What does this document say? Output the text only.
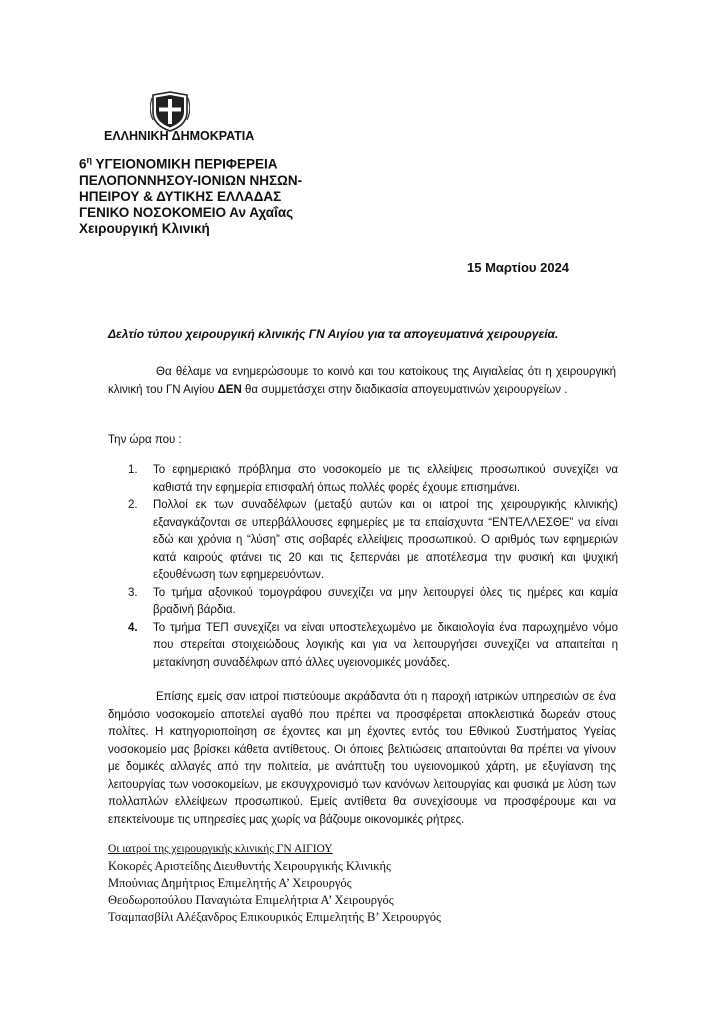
ΕΛΛΗΝΙΚΗ ΔΗΜΟΚΡΑΤΙΑ
$6^\eta$ ΥΓΕΙΟΝΟΜΙΚΗ ΠΕΡΙΦΕΡΕΙΑ
ΠΕΛΟΠΟΝΝΗΣΟΥ-ΙΟΝΙΩΝ ΝΗΣΩΝ-
ΗΠΕΙΡΟΥ & ΔΥΤΙΚΗΣ ΕΛΛΑΔΑΣ
ΓΕΝΙΚΟ ΝΟΣΟΚΟΜΕΙΟ Αν Αχαΐας
Χειρουργική Κλινική
15 Μαρτίου 2024
Δελτίο τύπου χειρουργική κλινικής ΓΝ Αιγίου για τα απογευματινά χειρουργεία.

Θα θέλαμε να ενημερώσουμε το κοινό και του κατοίκους της Αιγιαλείας ότι η χειρουργική κλινική του ΓΝ Αιγίου ΔΕΝ θα συμμετάσχει στην διαδικασία απογευματινών χειρουργείων .

Την ώρα που :

1. Το εφημεριακό πρόβλημα στο νοσοκομείο με τις ελλείψεις προσωπικού συνεχίζει να καθιστά την εφημερία επισφαλή όπως πολλές φορές έχουμε επισημάνει.
2. Πολλοί εκ των συναδέλφων (μεταξύ αυτών και οι ιατροί της χειρουργικής κλινικής) εξαναγκάζονται σε υπερβάλλουσες εφημερίες με τα επαίσχυντα “ΕΝΤΕΛΛΕΣΘΕ” να είναι εδώ και χρόνια η “λύση” στις σοβαρές ελλείψεις προσωπικού. Ο αριθμός των εφημεριών κατά καιρούς φτάνει τις 20 και τις ξεπερνάει με αποτέλεσμα την φυσική και ψυχική εξουθένωση των εφημερευόντων.
3. Το τμήμα αξονικού τομογράφου συνεχίζει να μην λειτουργεί όλες τις ημέρες και καμία βραδινή βάρδια.
4. Το τμήμα ΤΕΠ συνεχίζει να είναι υποστελεχωμένο με δικαιολογία ένα παρωχημένο νόμο που στερείται στοιχειώδους λογικής και για να λειτουργήσει συνεχίζει να απαιτείται η μετακίνηση συναδέλφων από άλλες υγειονομικές μονάδες.

Επίσης εμείς σαν ιατροί πιστεύουμε ακράδαντα ότι η παροχή ιατρικών υπηρεσιών σε ένα δημόσιο νοσοκομείο αποτελεί αγαθό που πρέπει να προσφέρεται αποκλειστικά δωρεάν στους πολίτες. Η κατηγοριοποίηση σε έχοντες και μη έχοντες εντός του Εθνικού Συστήματος Υγείας νοσοκομείο μας βρίσκει κάθετα αντίθετους. Οι όποιες βελτιώσεις απαιτούνται θα πρέπει να γίνουν με δομικές αλλαγές από την πολιτεία, με ανάπτυξη του υγειονομικού χάρτη, με εξυγίανση της λειτουργίας των νοσοκομείων, με εκσυγχρονισμό των κανόνων λειτουργίας και φυσικά με λύση των πολλαπλών ελλείψεων προσωπικού. Εμείς αντίθετα θα συνεχίσουμε να προσφέρουμε και να επεκτείνουμε τις υπηρεσίες μας χωρίς να βάζουμε οικονομικές ρήτρες.

Οι ιατροί της χειρουργικής κλινικής ΓΝ ΑΙΓΙΟΥ
Κοκορές Αριστείδης Διευθυντής Χειρουργικής Κλινικής
Μπούνιας Δημήτριος Επιμελητής Α’ Χειρουργός
Θεοδωροπούλου Παναγιώτα Επιμελήτρια Α’ Χειρουργός
Τσαμπασβίλι Αλέξανδρος Επικουρικός Επιμελητής Β’ Χειρουργός
